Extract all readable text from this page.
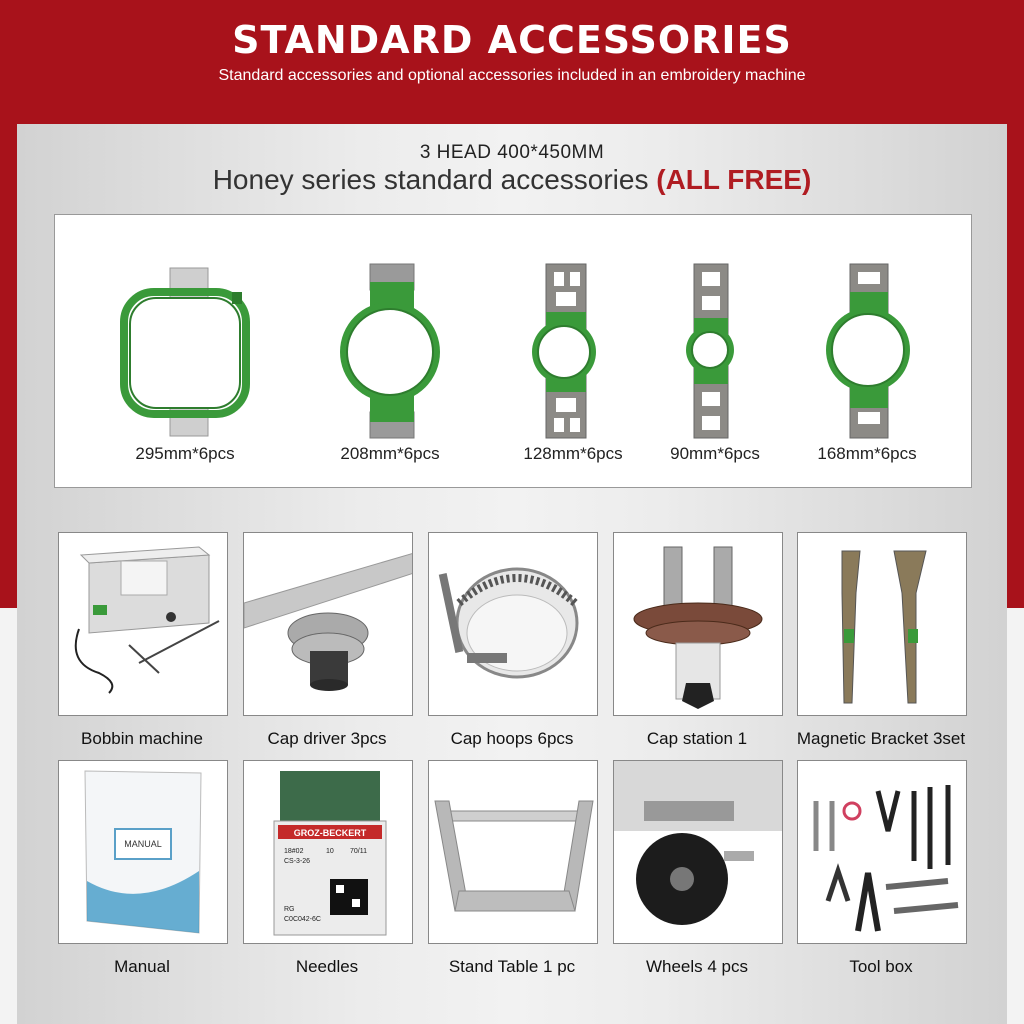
STANDARD ACCESSORIES
Standard accessories and optional accessories included in an embroidery machine
3 HEAD 400*450MM
Honey series standard accessories (ALL FREE)
295mm*6pcs	208mm*6pcs	128mm*6pcs	90mm*6pcs	168mm*6pcs
Bobbin machine	Cap driver 3pcs	Cap hoops 6pcs	Cap station 1	Magnetic Bracket 3set
MANUAL
GROZ-BECKERT
18#02	10 70/11
CS-3-26
RG
C0C042-6C
Manual	Needles	Stand Table 1 pc	Wheels 4 pcs	Tool box
